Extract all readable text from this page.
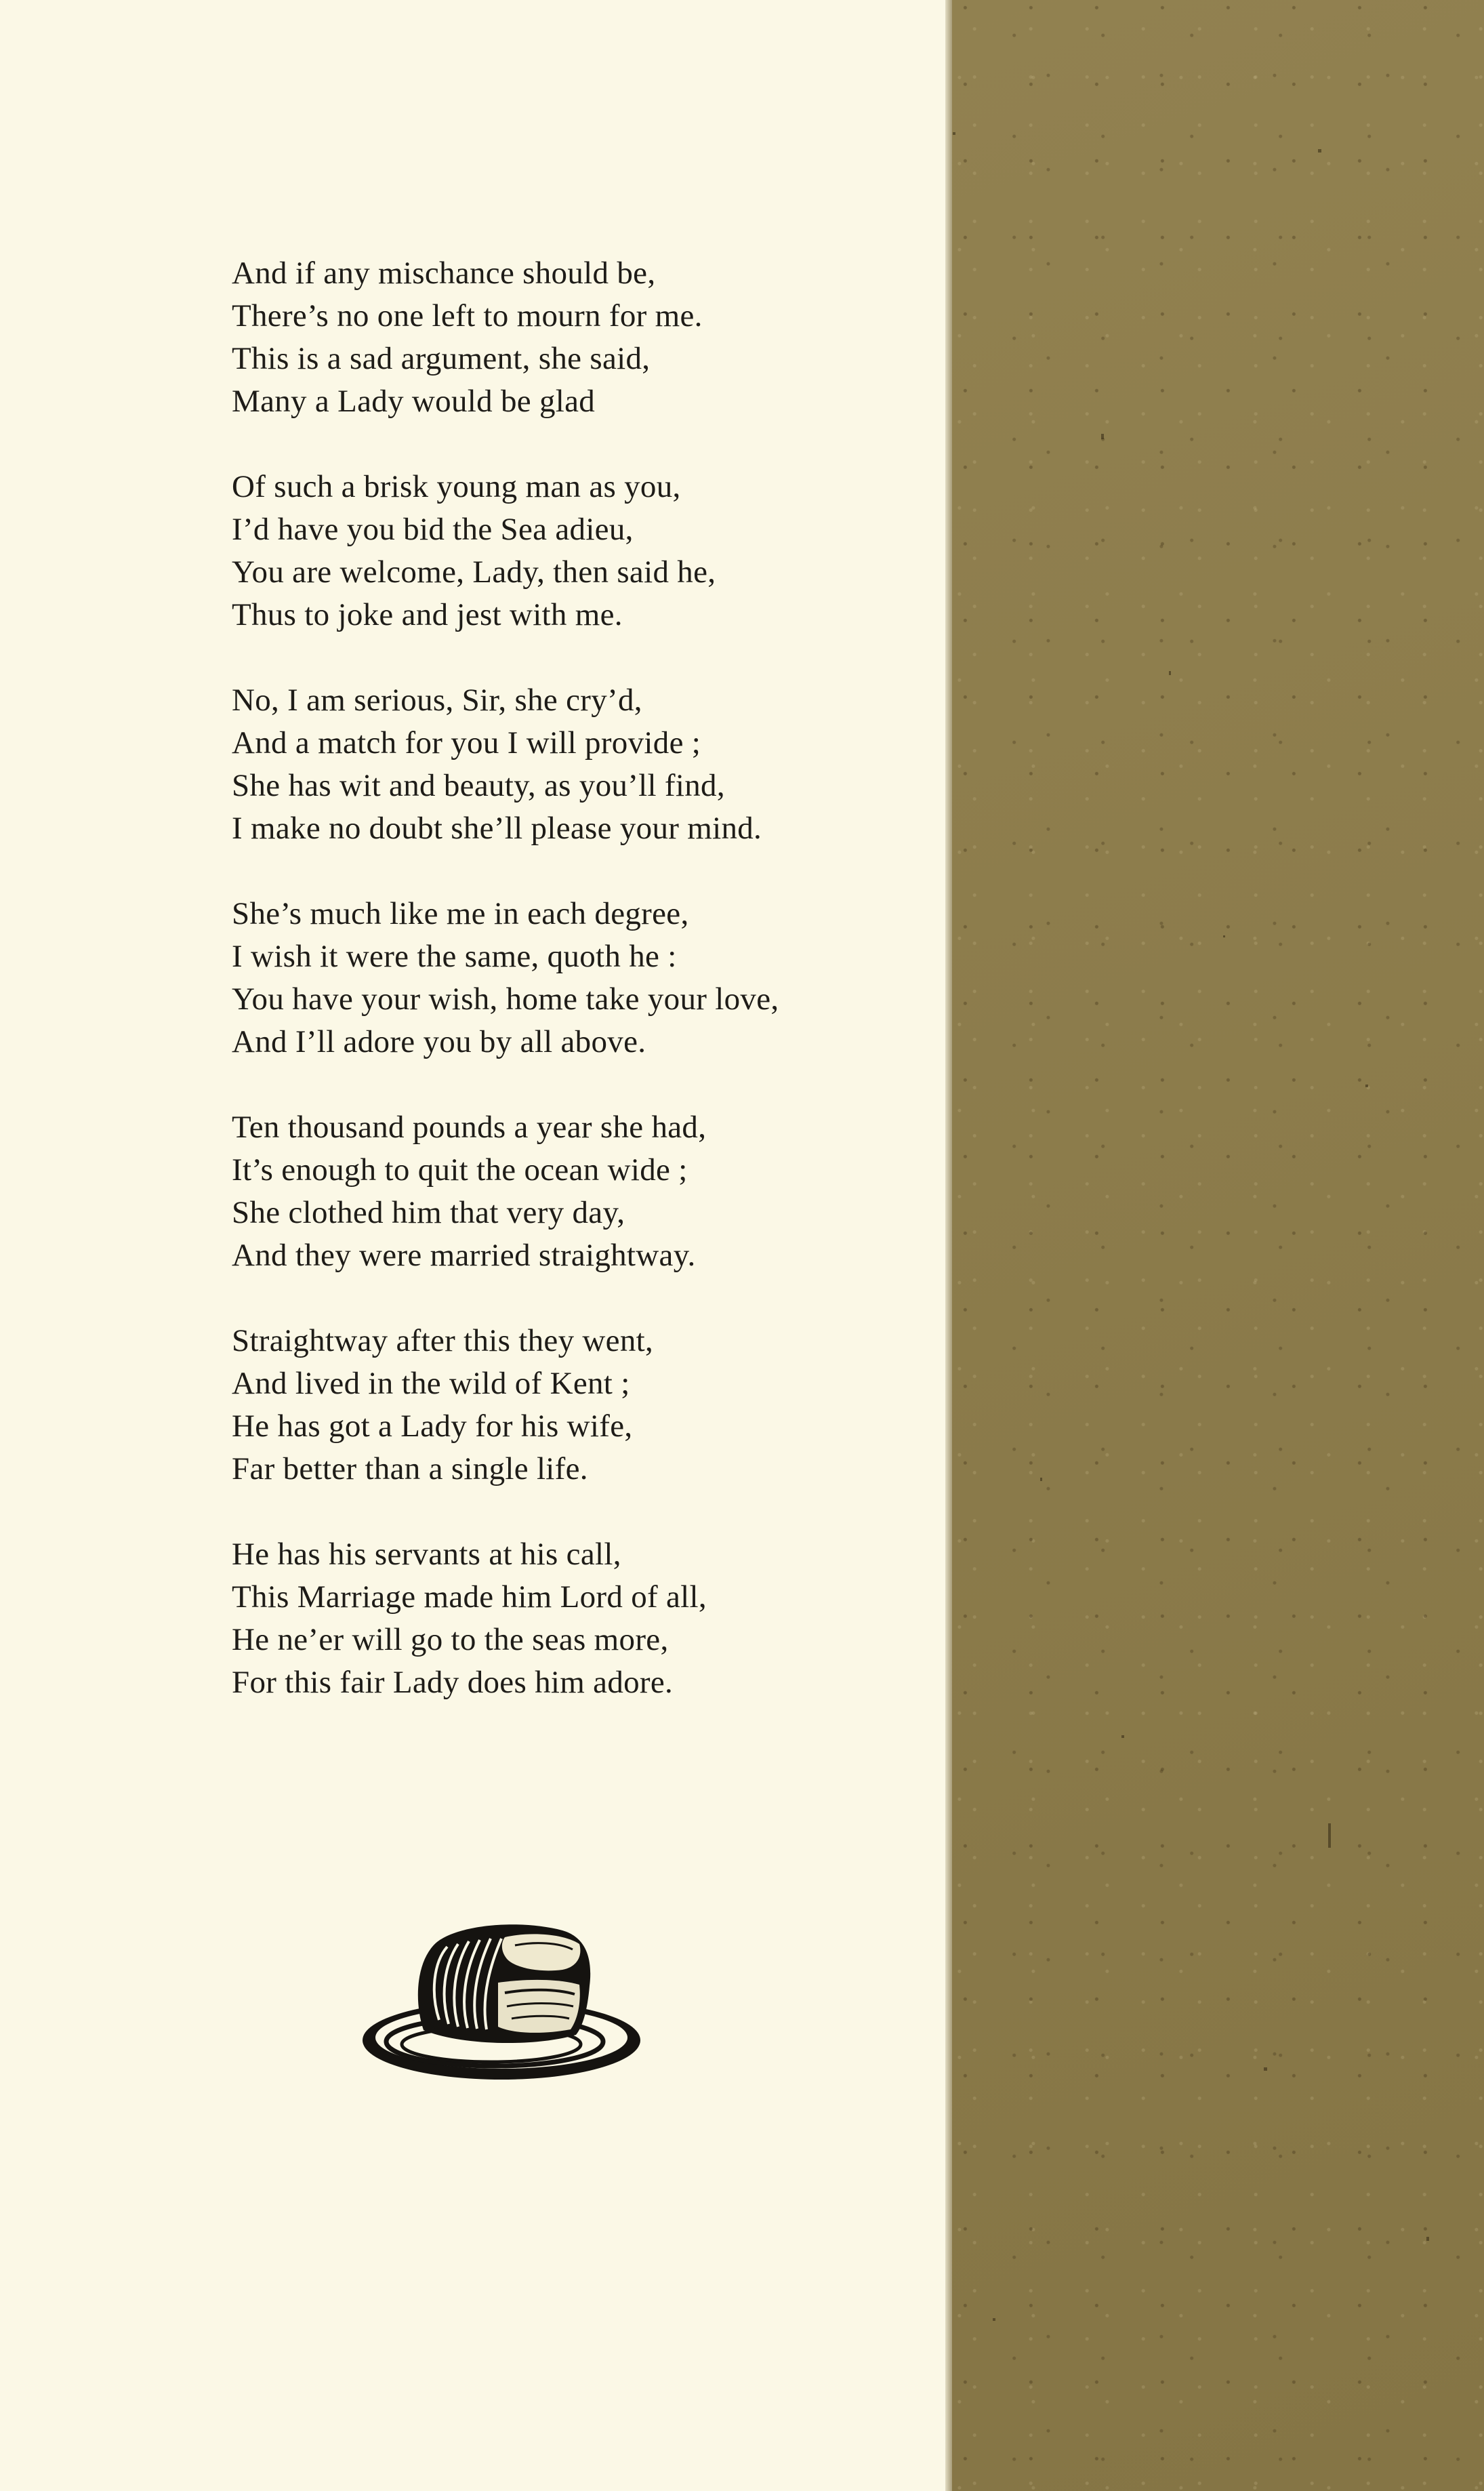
And if any mischance should be,
There’s no one left to mourn for me.
This is a sad argument, she said,
Many a Lady would be glad
Of such a brisk young man as you,
I’d have you bid the Sea adieu,
You are welcome, Lady, then said he,
Thus to joke and jest with me.
No, I am serious, Sir, she cry’d,
And a match for you I will provide ;
She has wit and beauty, as you’ll find,
I make no doubt she’ll please your mind.
She’s much like me in each degree,
I wish it were the same, quoth he :
You have your wish, home take your love,
And I’ll adore you by all above.
Ten thousand pounds a year she had,
It’s enough to quit the ocean wide ;
She clothed him that very day,
And they were married straightway.
Straightway after this they went,
And lived in the wild of Kent ;
He has got a Lady for his wife,
Far better than a single life.
He has his servants at his call,
This Marriage made him Lord of all,
He ne’er will go to the seas more,
For this fair Lady does him adore.
